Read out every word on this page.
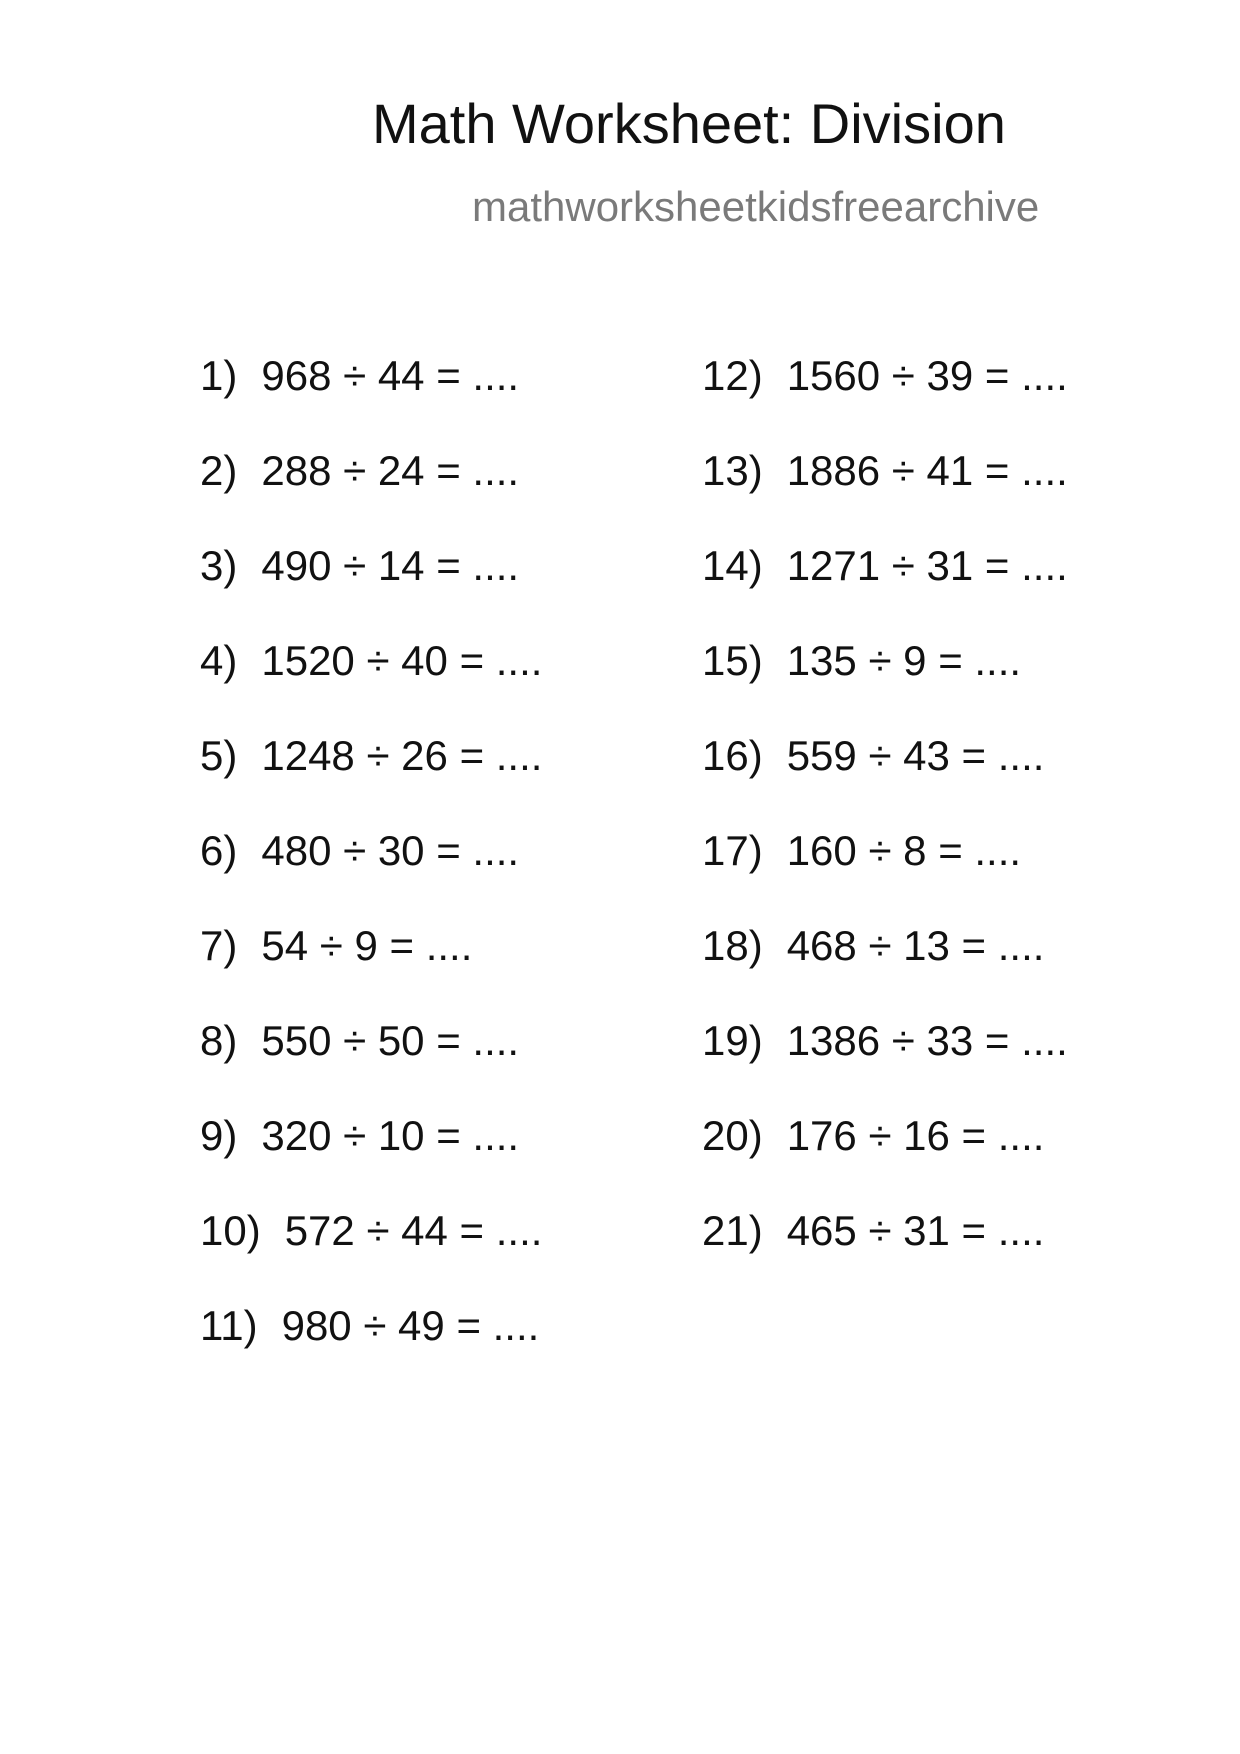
Math Worksheet: Division
mathworksheetkidsfreearchive
1) 968 ÷ 44 = ....
2) 288 ÷ 24 = ....
3) 490 ÷ 14 = ....
4) 1520 ÷ 40 = ....
5) 1248 ÷ 26 = ....
6) 480 ÷ 30 = ....
7) 54 ÷ 9 = ....
8) 550 ÷ 50 = ....
9) 320 ÷ 10 = ....
10) 572 ÷ 44 = ....
11) 980 ÷ 49 = ....
12) 1560 ÷ 39 = ....
13) 1886 ÷ 41 = ....
14) 1271 ÷ 31 = ....
15) 135 ÷ 9 = ....
16) 559 ÷ 43 = ....
17) 160 ÷ 8 = ....
18) 468 ÷ 13 = ....
19) 1386 ÷ 33 = ....
20) 176 ÷ 16 = ....
21) 465 ÷ 31 = ....
